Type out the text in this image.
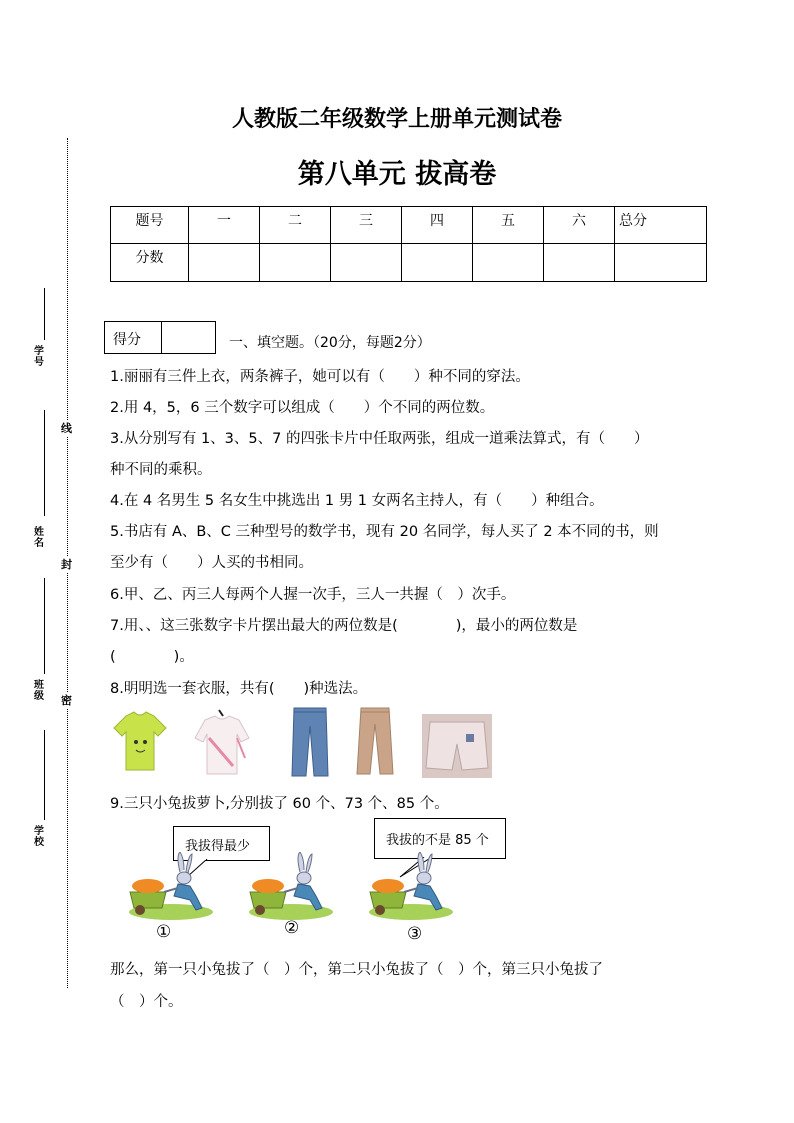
学号
姓名
班级
学校
线
封
密
人教版二年级数学上册单元测试卷
第八单元 拔高卷
题号	一	二	三	四	五	六	总分

分数							

得分	一、填空题。（20分，每题2分）
1.丽丽有三件上衣，两条裤子，她可以有（　　）种不同的穿法。
2.用 4，5，6 三个数字可以组成（　　）个不同的两位数。
3.从分别写有 1、3、5、7 的四张卡片中任取两张，组成一道乘法算式，有（　　）
种不同的乘积。
4.在 4 名男生 5 名女生中挑选出 1 男 1 女两名主持人，有（　　）种组合。
5.书店有 A、B、C 三种型号的数学书，现有 20 名同学，每人买了 2 本不同的书，则
至少有（　　）人买的书相同。
6.甲、乙、丙三人每两个人握一次手，三人一共握（　）次手。
7.用、、这三张数字卡片摆出最大的两位数是(　　　　)，最小的两位数是
(　　　　)。
8.明明选一套衣服，共有(　　)种选法。
9.三只小兔拔萝卜,分别拔了 60 个、73 个、85 个。
我拔得最少	我拔的不是 85 个
①	②	③
那么，第一只小兔拔了（　）个，第二只小兔拔了（　）个，第三只小兔拔了
（　）个。
